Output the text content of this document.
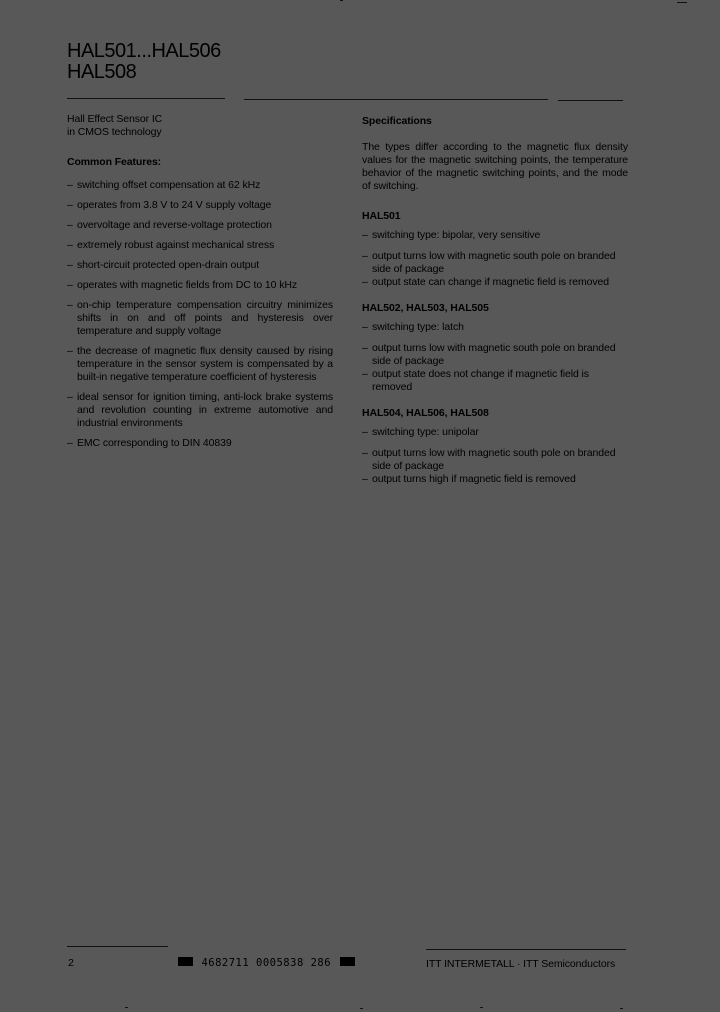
HAL501...HAL506
HAL508
Hall Effect Sensor IC
in CMOS technology
Common Features:
– switching offset compensation at 62 kHz
– operates from 3.8 V to 24 V supply voltage
– overvoltage and reverse-voltage protection
– extremely robust against mechanical stress
– short-circuit protected open-drain output
– operates with magnetic fields from DC to 10 kHz
– on-chip temperature compensation circuitry minimizes shifts in on and off points and hysteresis over temperature and supply voltage
– the decrease of magnetic flux density caused by rising temperature in the sensor system is compensated by a built-in negative temperature coefficient of hysteresis
– ideal sensor for ignition timing, anti-lock brake systems and revolution counting in extreme automotive and industrial environments
– EMC corresponding to DIN 40839
Specifications
The types differ according to the magnetic flux density values for the magnetic switching points, the temperature behavior of the magnetic switching points, and the mode of switching.
HAL501
– switching type: bipolar, very sensitive
– output turns low with magnetic south pole on branded side of package
– output state can change if magnetic field is removed
HAL502, HAL503, HAL505
– switching type: latch
– output turns low with magnetic south pole on branded side of package
– output state does not change if magnetic field is removed
HAL504, HAL506, HAL508
– switching type: unipolar
– output turns low with magnetic south pole on branded side of package
– output turns high if magnetic field is removed
2	4682711 0005838 286	ITT INTERMETALL · ITT Semiconductors
